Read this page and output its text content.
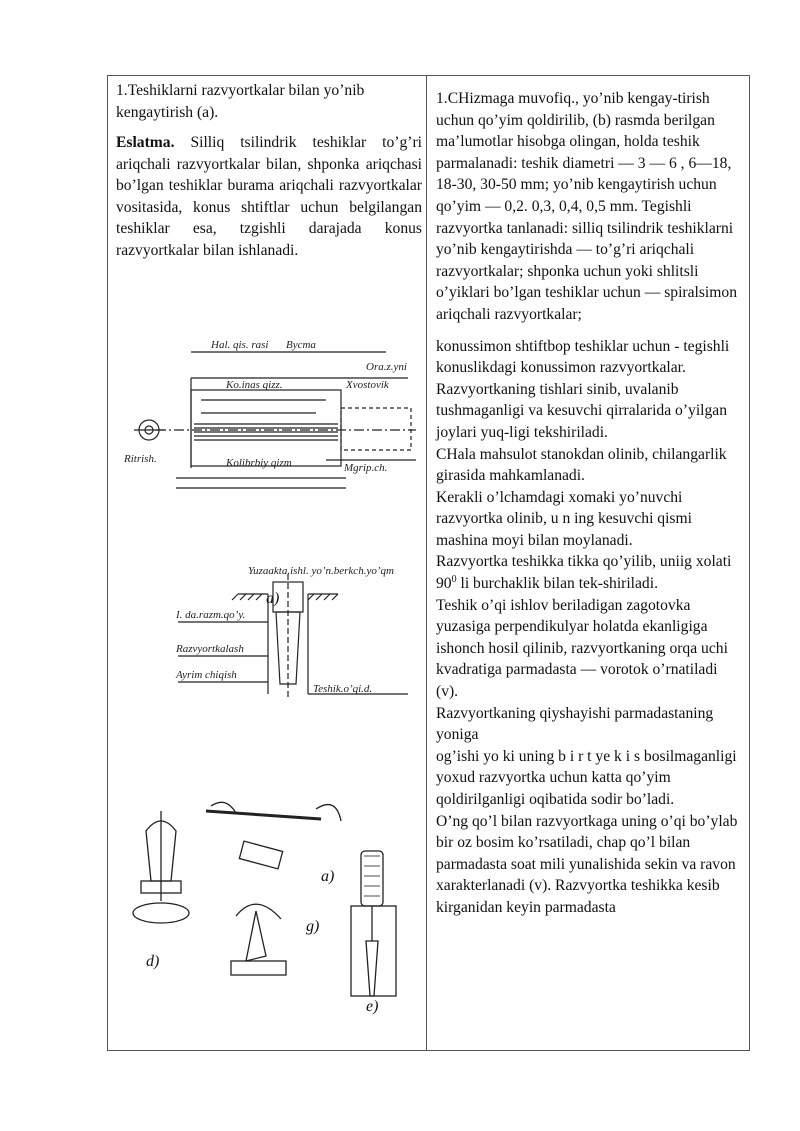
1.Teshiklarni razvyortkalar bilan yo’nib kengaytirish (a).

Eslatma. Silliq tsilindrik teshiklar to’g’ri ariqchali razvyortkalar bilan, shponka ariqchasi bo’lgan teshiklar burama ariqchali razvyortkalar vositasida, konus shtiftlar uchun belgilangan teshiklar esa, tzgishli darajada konus razvyortkalar bilan ishlanadi.

Hal. qis. rasi Bycma
Ora.z.yni
Ko.inas qizz.	Xvostovik
Kolibrbiy qizm
Ritrish.
Mgrip.ch.
a)
Yuzaakta.ishl. yo’n.berkch.yo’qm
I. da.razm.qo’y.
Razvyortkalash
Ayrim chiqish
Teshik.o’qi.d.
d)
g)
a)
e)

1.CHizmaga muvofiq., yo’nib kengay-tirish uchun qo’yim qoldirilib, (b) rasmda berilgan ma’lumotlar hisobga olingan, holda teshik parmalanadi: teshik diametri — 3 — 6 , 6—18, 18-30, 30-50 mm; yo’nib kengaytirish uchun qo’yim — 0,2. 0,3, 0,4, 0,5 mm. Tegishli razvyortka tanlanadi: silliq tsilindrik teshiklarni yo’nib kengaytirishda — to’g’ri ariqchali razvyortkalar; shponka uchun yoki shlitsli o’yiklari bo’lgan teshiklar uchun — spiralsimon ariqchali razvyortkalar;

konussimon shtiftbop teshiklar uchun - tegishli konuslikdagi konussimon razvyortkalar.

Razvyortkaning tishlari sinib, uvalanib tushmaganligi va kesuvchi qirralarida o’yilgan joylari yuq-ligi tekshiriladi.

CHala mahsulot stanokdan olinib, chilangarlik girasida mahkamlanadi.

Kerakli o’lchamdagi xomaki yo’nuvchi razvyortka olinib, u n ing kesuvchi qismi mashina moyi bilan moylanadi.

Razvyortka teshikka tikka qo’yilib, uniig xolati $90^0$ li burchaklik bilan tek-shiriladi.

Teshik o’qi ishlov beriladigan zagotovka yuzasiga perpendikulyar holatda ekanligiga ishonch hosil qilinib, razvyortkaning orqa uchi kvadratiga parmadasta — vorotok o’rnatiladi (v).

Razvyortkaning qiyshayishi parmadastaning yoniga

og’ishi yo ki uning b i r t ye k i s bosilmaganligi yoxud razvyortka uchun katta qo’yim qoldirilganligi oqibatida sodir bo’ladi.

O’ng qo’l bilan razvyortkaga uning o’qi bo’ylab bir oz bosim ko’rsatiladi, chap qo’l bilan parmadasta soat mili yunalishida sekin va ravon xarakterlanadi (v). Razvyortka teshikka kesib kirganidan keyin parmadasta
